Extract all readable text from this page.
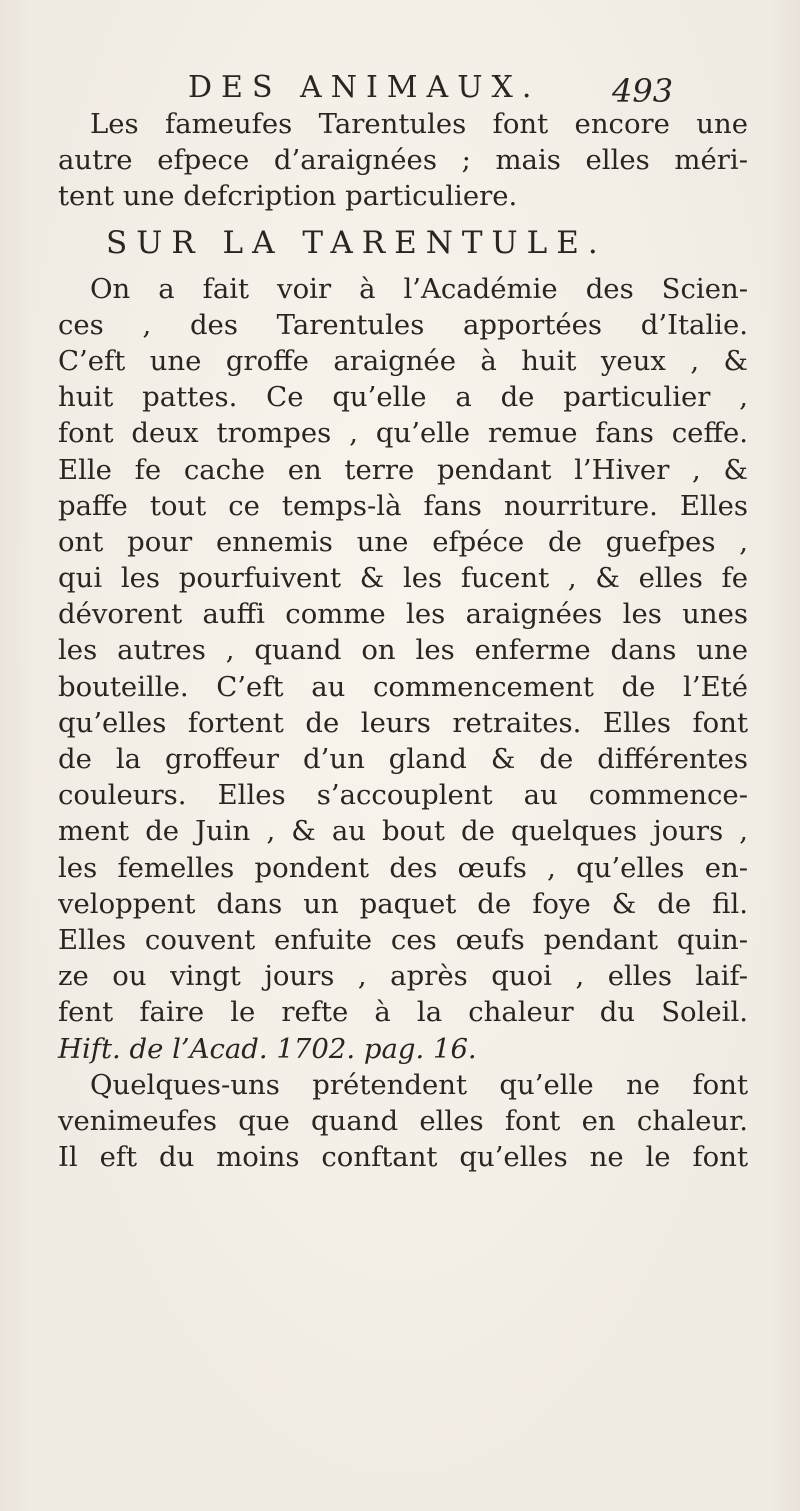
DES ANIMAUX. 493
Les fameufes Tarentules font encore une
autre efpece d’araignées ; mais elles méri-
tent une defcription particuliere.
SUR LA TARENTULE.
On a fait voir à l’Académie des Scien-
ces , des Tarentules apportées d’Italie.
C’eft une groffe araignée à huit yeux , &
huit pattes. Ce qu’elle a de particulier ,
font deux trompes , qu’elle remue fans ceffe.
Elle fe cache en terre pendant l’Hiver , &
paffe tout ce temps-là fans nourriture. Elles
ont pour ennemis une efpéce de guefpes ,
qui les pourfuivent & les fucent , & elles fe
dévorent auffi comme les araignées les unes
les autres , quand on les enferme dans une
bouteille. C’eft au commencement de l’Eté
qu’elles fortent de leurs retraites. Elles font
de la groffeur d’un gland & de différentes
couleurs. Elles s’accouplent au commence-
ment de Juin , & au bout de quelques jours ,
les femelles pondent des œufs , qu’elles en-
veloppent dans un paquet de foye & de fil.
Elles couvent enfuite ces œufs pendant quin-
ze ou vingt jours , après quoi , elles laif-
fent faire le refte à la chaleur du Soleil.
Hift. de l’Acad. 1702. pag. 16.
Quelques-uns prétendent qu’elle ne font
venimeufes que quand elles font en chaleur.
Il eft du moins conftant qu’elles ne le font
